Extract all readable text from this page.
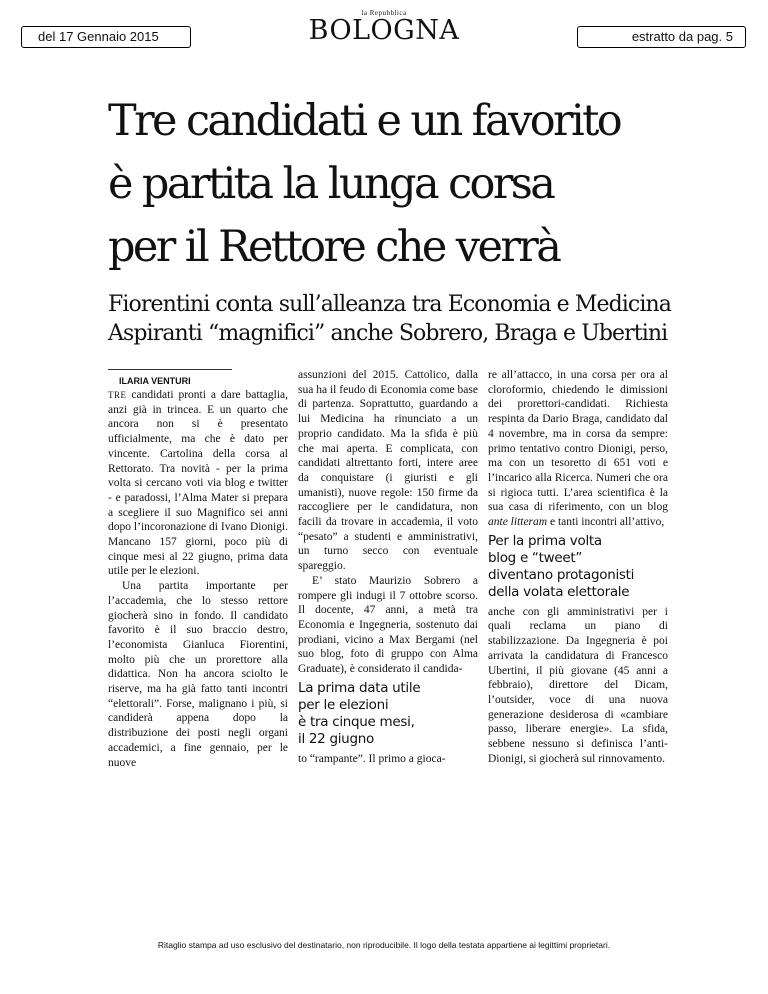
del 17 Gennaio 2015
la Repubblica
BOLOGNA	estratto da pag. 5
Tre candidati e un favorito
è partita la lunga corsa
per il Rettore che verrà
Fiorentini conta sull’alleanza tra Economia e Medicina
Aspiranti “magnifici” anche Sobrero, Braga e Ubertini
ILARIA VENTURI

TRE candidati pronti a dare battaglia, anzi già in trincea. E un quarto che ancora non si è presentato ufficialmente, ma che è dato per vincente. Cartolina della corsa al Rettorato. Tra novità - per la prima volta si cercano voti via blog e twitter - e paradossi, l’Alma Mater si prepara a scegliere il suo Magnifico sei anni dopo l’incoronazione di Ivano Dionigi. Mancano 157 giorni, poco più di cinque mesi al 22 giugno, prima data utile per le elezioni.

Una partita importante per l’accademia, che lo stesso rettore giocherà sino in fondo. Il candidato favorito è il suo braccio destro, l’economista Gianluca Fiorentini, molto più che un prorettore alla didattica. Non ha ancora sciolto le riserve, ma ha già fatto tanti incontri “elettorali”. Forse, malignano i più, si candiderà appena dopo la distribuzione dei posti negli organi accademici, a fine gennaio, per le nuove

assunzioni del 2015. Cattolico, dalla sua ha il feudo di Economia come base di partenza. Soprattutto, guardando a lui Medicina ha rinunciato a un proprio candidato. Ma la sfida è più che mai aperta. E complicata, con candidati altrettanto forti, intere aree da conquistare (i giuristi e gli umanisti), nuove regole: 150 firme da raccogliere per le candidatura, non facili da trovare in accademia, il voto “pesato” a studenti e amministrativi, un turno secco con eventuale spareggio.

E’ stato Maurizio Sobrero a rompere gli indugi il 7 ottobre scorso. Il docente, 47 anni, a metà tra Economia e Ingegneria, sostenuto dai prodiani, vicino a Max Bergami (nel suo blog, foto di gruppo con Alma Graduate), è considerato il candida-

La prima data utile
per le elezioni
è tra cinque mesi,
il 22 giugno

to “rampante”. Il primo a gioca-

re all’attacco, in una corsa per ora al cloroformio, chiedendo le dimissioni dei prorettori-candidati. Richiesta respinta da Dario Braga, candidato dal 4 novembre, ma in corsa da sempre: primo tentativo contro Dionigi, perso, ma con un tesoretto di 651 voti e l’incarico alla Ricerca. Numeri che ora si rigioca tutti. L’area scientifica è la sua casa di riferimento, con un blog ante litteram e tanti incontri all’attivo,

Per la prima volta
blog e “tweet”
diventano protagonisti
della volata elettorale

anche con gli amministrativi per i quali reclama un piano di stabilizzazione. Da Ingegneria è poi arrivata la candidatura di Francesco Ubertini, il più giovane (45 anni a febbraio), direttore del Dicam, l’outsider, voce di una nuova generazione desiderosa di «cambiare passo, liberare energie». La sfida, sebbene nessuno si definisca l’anti-Dionigi, si giocherà sul rinnovamento.

Ritaglio stampa ad uso esclusivo del destinatario, non riproducibile. Il logo della testata appartiene ai legittimi proprietari.
